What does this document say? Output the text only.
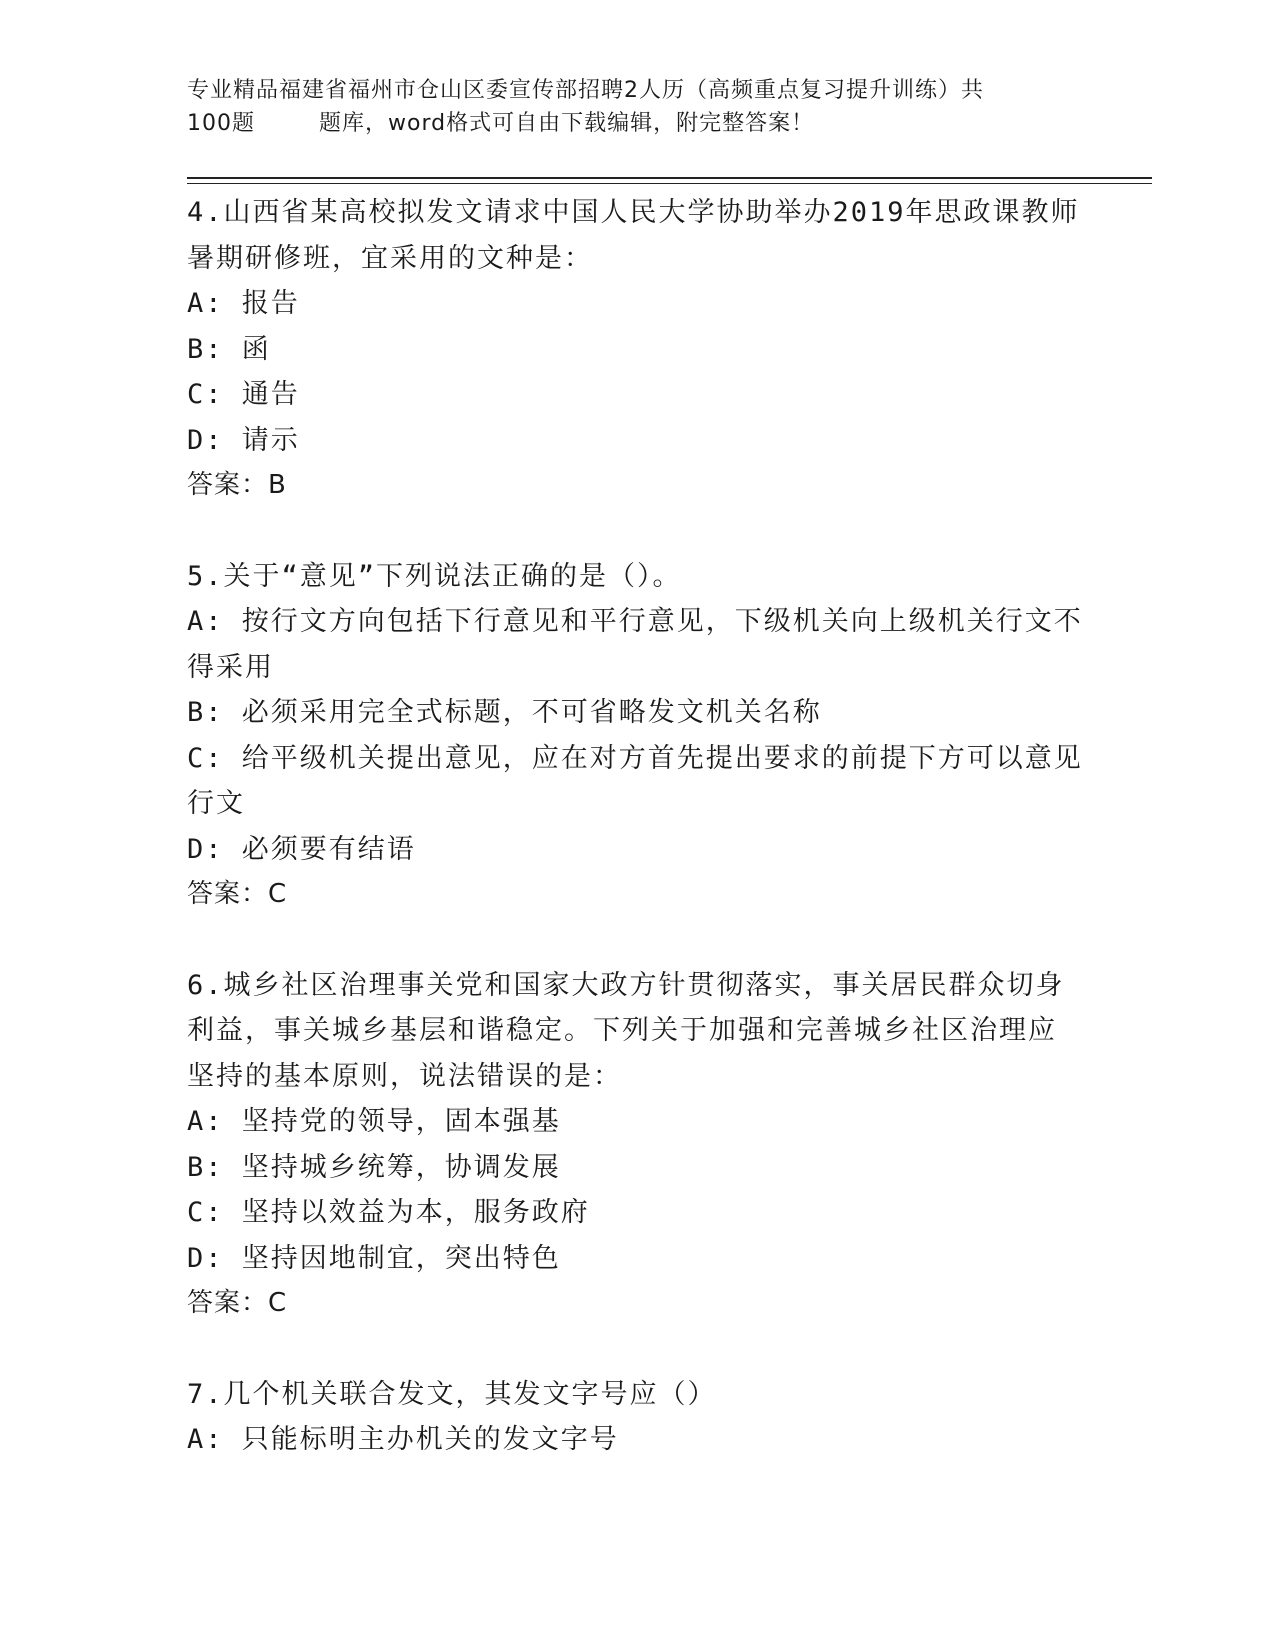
专业精品福建省福州市仓山区委宣传部招聘2人历（高频重点复习提升训练）共
100题	题库，word格式可自由下载编辑，附完整答案！
4.山西省某高校拟发文请求中国人民大学协助举办2019年思政课教师
暑期研修班，宜采用的文种是：
A: 报告
B: 函
C: 通告
D: 请示
答案：B
5.关于“意见”下列说法正确的是（）。
A: 按行文方向包括下行意见和平行意见，下级机关向上级机关行文不
得采用
B: 必须采用完全式标题，不可省略发文机关名称
C: 给平级机关提出意见，应在对方首先提出要求的前提下方可以意见
行文
D: 必须要有结语
答案：C
6.城乡社区治理事关党和国家大政方针贯彻落实，事关居民群众切身
利益，事关城乡基层和谐稳定。下列关于加强和完善城乡社区治理应
坚持的基本原则，说法错误的是：
A: 坚持党的领导，固本强基
B: 坚持城乡统筹，协调发展
C: 坚持以效益为本，服务政府
D: 坚持因地制宜，突出特色
答案：C
7.几个机关联合发文，其发文字号应（）
A: 只能标明主办机关的发文字号
